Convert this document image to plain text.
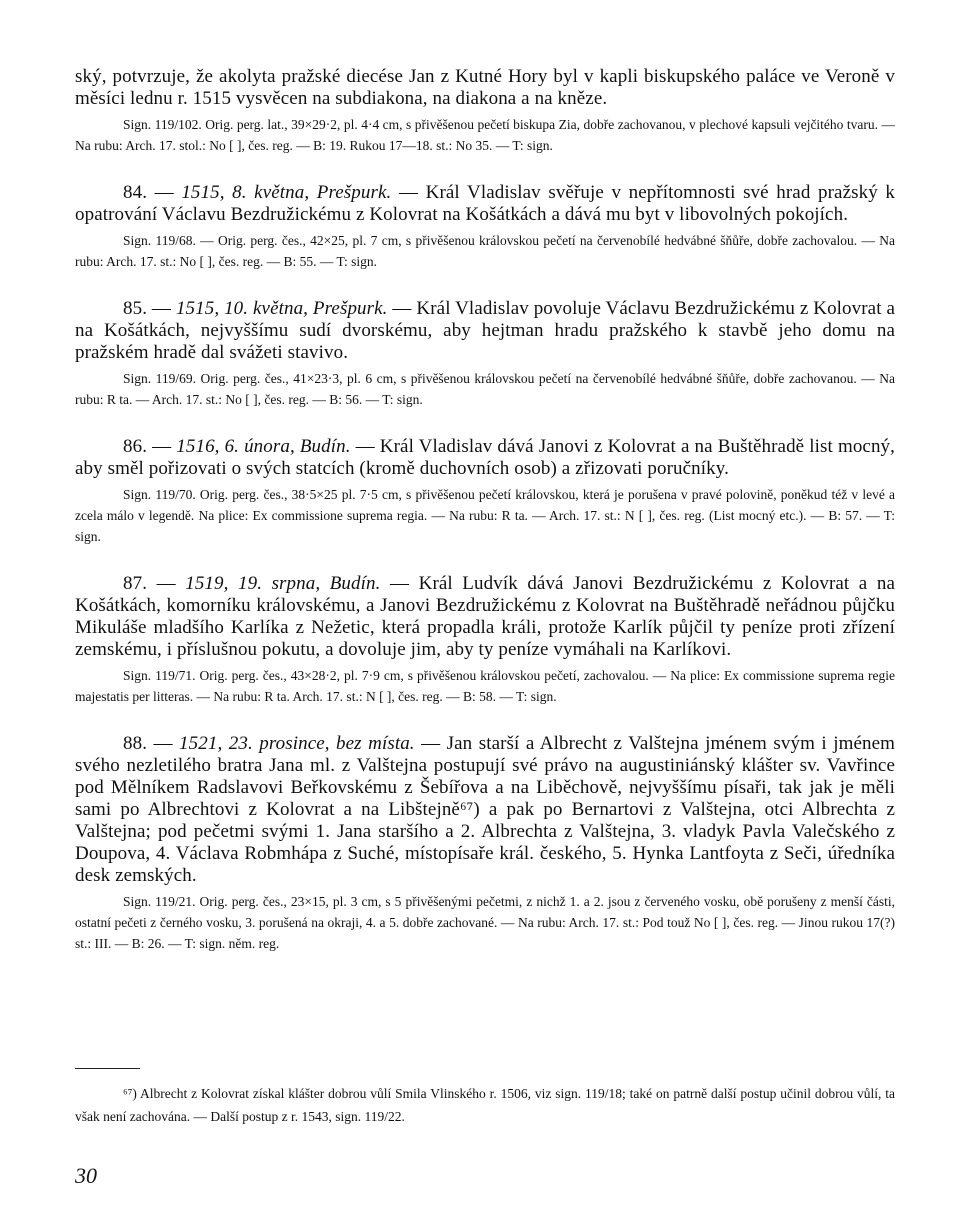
ský, potvrzuje, že akolyta pražské diecése Jan z Kutné Hory byl v kapli biskupského paláce ve Veroně v měsíci lednu r. 1515 vysvěcen na subdiakona, na diakona a na kněze.

Sign. 119/102. Orig. perg. lat., 39×29·2, pl. 4·4 cm, s přivěšenou pečetí biskupa Zia, dobře zachovanou, v plechové kapsuli vejčitého tvaru. — Na rubu: Arch. 17. stol.: No [ ], čes. reg. — B: 19. Rukou 17—18. st.: No 35. — T: sign.

84. — 1515, 8. května, Prešpurk. — Král Vladislav svěřuje v nepřítomnosti své hrad pražský k opatrování Václavu Bezdružickému z Kolovrat na Košátkách a dává mu byt v libovolných pokojích.

Sign. 119/68. — Orig. perg. čes., 42×25, pl. 7 cm, s přivěšenou královskou pečetí na červenobílé hedvábné šňůře, dobře zachovalou. — Na rubu: Arch. 17. st.: No [ ], čes. reg. — B: 55. — T: sign.

85. — 1515, 10. května, Prešpurk. — Král Vladislav povoluje Václavu Bezdružickému z Kolovrat a na Košátkách, nejvyššímu sudí dvorskému, aby hejtman hradu pražského k stavbě jeho domu na pražském hradě dal svážeti stavivo.

Sign. 119/69. Orig. perg. čes., 41×23·3, pl. 6 cm, s přivěšenou královskou pečetí na červenobílé hedvábné šňůře, dobře zachovanou. — Na rubu: R ta. — Arch. 17. st.: No [ ], čes. reg. — B: 56. — T: sign.

86. — 1516, 6. února, Budín. — Král Vladislav dává Janovi z Kolovrat a na Buštěhradě list mocný, aby směl pořizovati o svých statcích (kromě duchovních osob) a zřizovati poručníky.

Sign. 119/70. Orig. perg. čes., 38·5×25 pl. 7·5 cm, s přivěšenou pečetí královskou, která je porušena v pravé polovině, poněkud též v levé a zcela málo v legendě. Na plice: Ex commissione suprema regia. — Na rubu: R ta. — Arch. 17. st.: N [ ], čes. reg. (List mocný etc.). — B: 57. — T: sign.

87. — 1519, 19. srpna, Budín. — Král Ludvík dává Janovi Bezdružickému z Kolovrat a na Košátkách, komorníku královskému, a Janovi Bezdružickému z Kolovrat na Buštěhradě neřádnou půjčku Mikuláše mladšího Karlíka z Nežetic, která propadla králi, protože Karlík půjčil ty peníze proti zřízení zemskému, i příslušnou pokutu, a dovoluje jim, aby ty peníze vymáhali na Karlíkovi.

Sign. 119/71. Orig. perg. čes., 43×28·2, pl. 7·9 cm, s přivěšenou královskou pečetí, zachovalou. — Na plice: Ex commissione suprema regie majestatis per litteras. — Na rubu: R ta. Arch. 17. st.: N [ ], čes. reg. — B: 58. — T: sign.

88. — 1521, 23. prosince, bez místa. — Jan starší a Albrecht z Valštejna jménem svým i jménem svého nezletilého bratra Jana ml. z Valštejna postupují své právo na augustiniánský klášter sv. Vavřince pod Mělníkem Radslavovi Beřkovskému z Šebířova a na Liběchově, nejvyššímu písaři, tak jak je měli sami po Albrechtovi z Kolovrat a na Libštejně⁶⁷) a pak po Bernartovi z Valštejna, otci Albrechta z Valštejna; pod pečetmi svými 1. Jana staršího a 2. Albrechta z Valštejna, 3. vladyk Pavla Valečského z Doupova, 4. Václava Robmhápa z Suché, místopísaře král. českého, 5. Hynka Lantfoyta z Seči, úředníka desk zemských.

Sign. 119/21. Orig. perg. čes., 23×15, pl. 3 cm, s 5 přivěšenými pečetmi, z nichž 1. a 2. jsou z červeného vosku, obě porušeny z menší části, ostatní pečeti z černého vosku, 3. porušená na okraji, 4. a 5. dobře zachované. — Na rubu: Arch. 17. st.: Pod touž No [ ], čes. reg. — Jinou rukou 17(?) st.: III. — B: 26. — T: sign. něm. reg.

⁶⁷) Albrecht z Kolovrat získal klášter dobrou vůlí Smila Vlinského r. 1506, viz sign. 119/18; také on patrně další postup učinil dobrou vůlí, ta však není zachována. — Další postup z r. 1543, sign. 119/22.

30
